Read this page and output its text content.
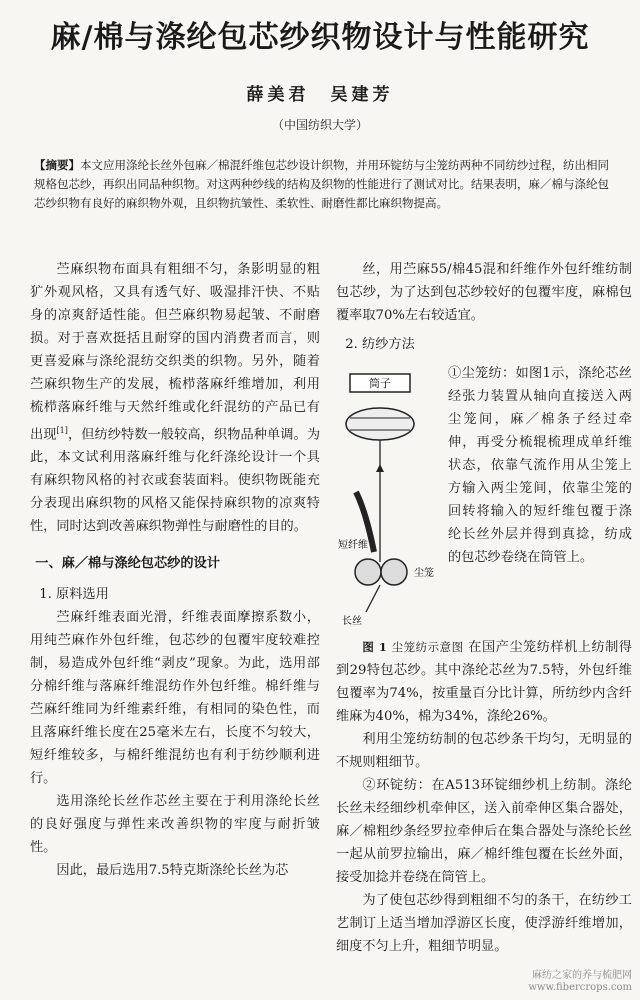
麻/棉与涤纶包芯纱织物设计与性能研究
薛美君　吴建芳
（中国纺织大学）
【摘要】本文应用涤纶长丝外包麻／棉混纤维包芯纱设计织物，并用环锭纺与尘笼纺两种不同纺纱过程，纺出相同规格包芯纱，再织出同品种织物。对这两种纱线的结构及织物的性能进行了测试对比。结果表明，麻／棉与涤纶包芯纱织物有良好的麻织物外观，且织物抗皱性、柔软性、耐磨性都比麻织物提高。

苎麻织物布面具有粗细不匀，条影明显的粗犷外观风格，又具有透气好、吸湿排汗快、不贴身的凉爽舒适性能。但苎麻织物易起皱、不耐磨损。对于喜欢挺括且耐穿的国内消费者而言，则更喜爱麻与涤纶混纺交织类的织物。另外，随着苎麻织物生产的发展，梳栉落麻纤维增加，利用梳栉落麻纤维与天然纤维或化纤混纺的产品已有出现[1]，但纺纱特数一般较高，织物品种单调。为此，本文试利用落麻纤维与化纤涤纶设计一个具有麻织物风格的衬衣或套装面料。使织物既能充分表现出麻织物的风格又能保持麻织物的凉爽特性，同时达到改善麻织物弹性与耐磨性的目的。

一、麻／棉与涤纶包芯纱的设计
1. 原料选用

苎麻纤维表面光滑，纤维表面摩擦系数小，用纯苎麻作外包纤维，包芯纱的包覆牢度较难控制，易造成外包纤维“剥皮”现象。为此，选用部分棉纤维与落麻纤维混纺作外包纤维。棉纤维与苎麻纤维同为纤维素纤维，有相同的染色性，而且落麻纤维长度在25毫米左右，长度不匀较大，短纤维较多，与棉纤维混纺也有利于纺纱顺利进行。

选用涤纶长丝作芯丝主要在于利用涤纶长丝的良好强度与弹性来改善织物的牢度与耐折皱性。

因此，最后选用7.5特克斯涤纶长丝为芯

丝，用苎麻55/棉45混和纤维作外包纤维纺制包芯纱，为了达到包芯纱较好的包覆牢度，麻棉包覆率取70%左右较适宜。

2. 纺纱方法
筒子
短纤维
尘笼
长丝
①尘笼纺：如图1示，涤纶芯丝经张力装置从轴向直接送入两尘笼间，麻／棉条子经过牵伸，再受分梳辊梳理成单纤维状态，依靠气流作用从尘笼上方输入两尘笼间，依靠尘笼的回转将输入的短纤维包覆于涤纶长丝外层并得到真捻，纺成的包芯纱卷绕在筒管上。

图 1 尘笼纺示意图 在国产尘笼纺样机上纺制得到29特包芯纱。其中涤纶芯丝为7.5特，外包纤维包覆率为74%，按重量百分比计算，所纺纱内含纤维麻为40%，棉为34%，涤纶26%。

利用尘笼纺纺制的包芯纱条干均匀，无明显的不规则粗细节。

②环锭纺：在A513环锭细纱机上纺制。涤纶长丝未经细纱机牵伸区，送入前牵伸区集合器处，麻／棉粗纱条经罗拉牵伸后在集合器处与涤纶长丝一起从前罗拉输出，麻／棉纤维包覆在长丝外面，接受加捻并卷绕在筒管上。

为了使包芯纱得到粗细不匀的条干，在纺纱工艺制订上适当增加浮游区长度，使浮游纤维增加，细度不匀上升，粗细节明显。

麻纺之家的养与梳肥网
www.fibercrops.com
